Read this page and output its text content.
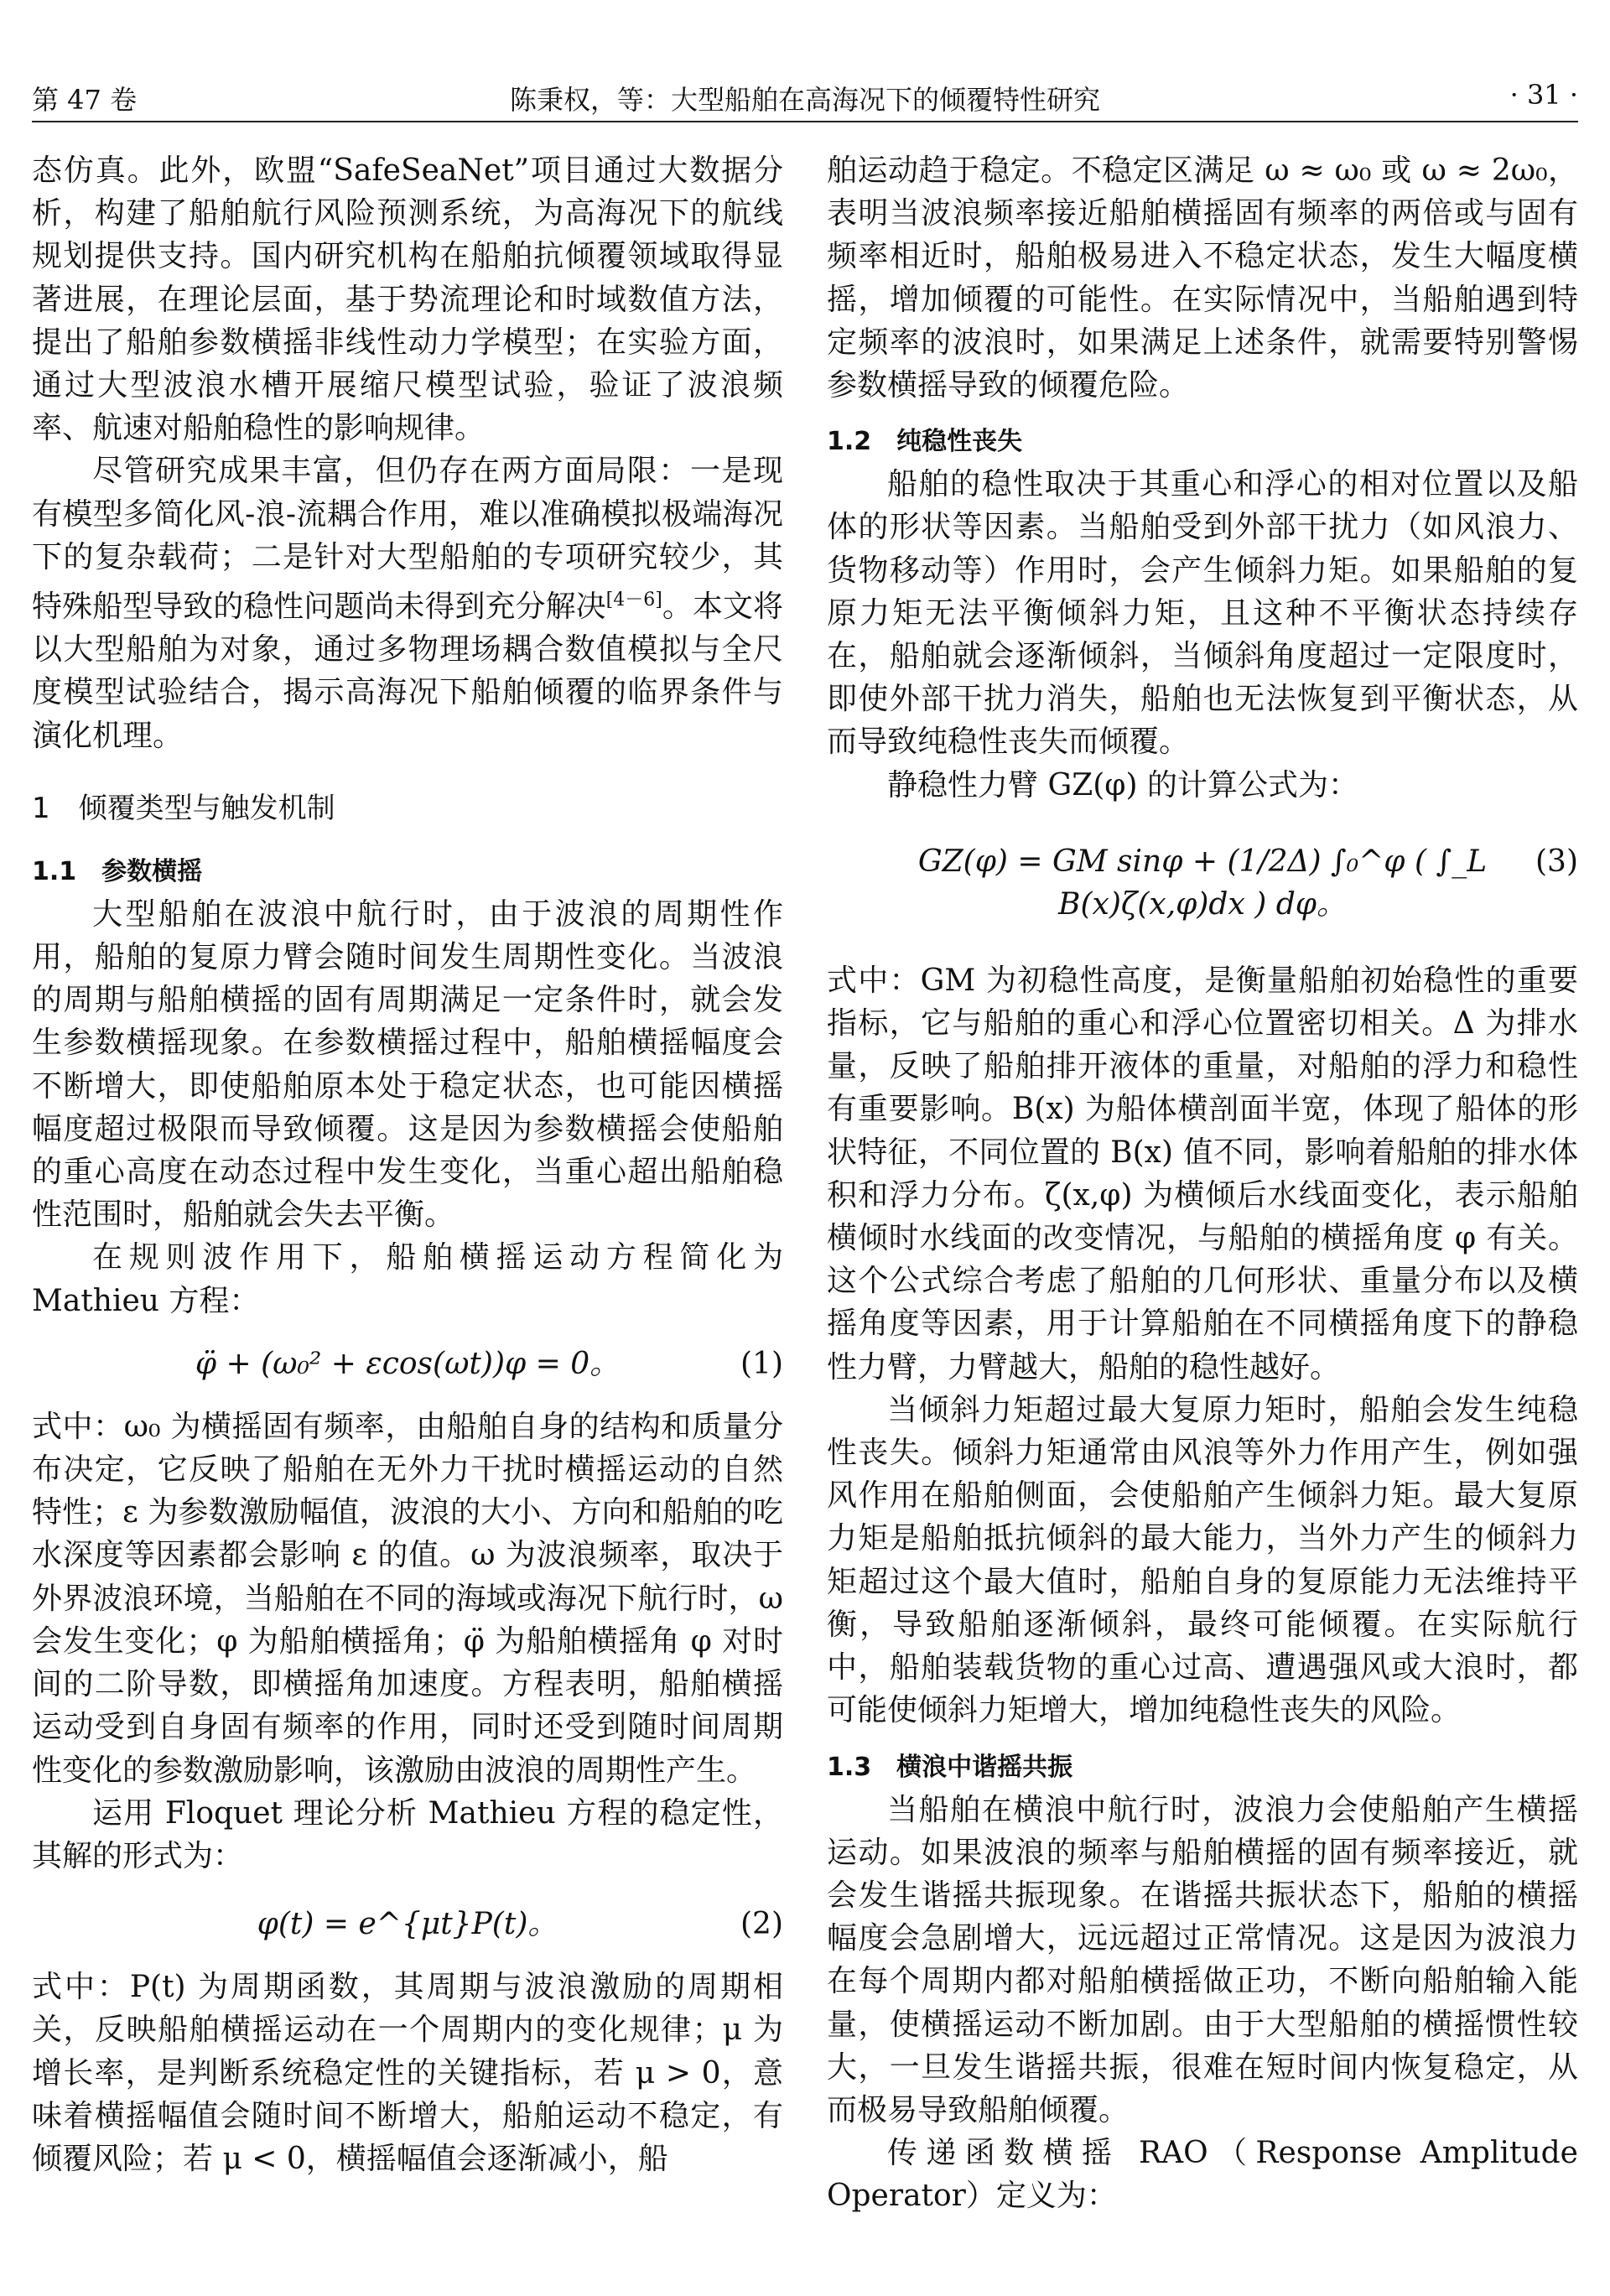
第 47 卷	陈秉权，等：大型船舶在高海况下的倾覆特性研究	· 31 ·

态仿真。此外，欧盟“SafeSeaNet”项目通过大数据分析，构建了船舶航行风险预测系统，为高海况下的航线规划提供支持。国内研究机构在船舶抗倾覆领域取得显著进展，在理论层面，基于势流理论和时域数值方法，提出了船舶参数横摇非线性动力学模型；在实验方面，通过大型波浪水槽开展缩尺模型试验，验证了波浪频率、航速对船舶稳性的影响规律。

尽管研究成果丰富，但仍存在两方面局限：一是现有模型多简化风-浪-流耦合作用，难以准确模拟极端海况下的复杂载荷；二是针对大型船舶的专项研究较少，其特殊船型导致的稳性问题尚未得到充分解决[4－6]。本文将以大型船舶为对象，通过多物理场耦合数值模拟与全尺度模型试验结合，揭示高海况下船舶倾覆的临界条件与演化机理。

1　倾覆类型与触发机制
1.1　参数横摇

大型船舶在波浪中航行时，由于波浪的周期性作用，船舶的复原力臂会随时间发生周期性变化。当波浪的周期与船舶横摇的固有周期满足一定条件时，就会发生参数横摇现象。在参数横摇过程中，船舶横摇幅度会不断增大，即使船舶原本处于稳定状态，也可能因横摇幅度超过极限而导致倾覆。这是因为参数横摇会使船舶的重心高度在动态过程中发生变化，当重心超出船舶稳性范围时，船舶就会失去平衡。

在规则波作用下，船舶横摇运动方程简化为 Mathieu 方程：

φ̈ + (ω₀² + εcos(ωt))φ = 0。	(1)

式中：ω₀ 为横摇固有频率，由船舶自身的结构和质量分布决定，它反映了船舶在无外力干扰时横摇运动的自然特性；ε 为参数激励幅值，波浪的大小、方向和船舶的吃水深度等因素都会影响 ε 的值。ω 为波浪频率，取决于外界波浪环境，当船舶在不同的海域或海况下航行时，ω 会发生变化；φ 为船舶横摇角；φ̈ 为船舶横摇角 φ 对时间的二阶导数，即横摇角加速度。方程表明，船舶横摇运动受到自身固有频率的作用，同时还受到随时间周期性变化的参数激励影响，该激励由波浪的周期性产生。

运用 Floquet 理论分析 Mathieu 方程的稳定性，其解的形式为：

φ(t) = e^{μt}P(t)。	(2)

式中：P(t) 为周期函数，其周期与波浪激励的周期相关，反映船舶横摇运动在一个周期内的变化规律；μ 为增长率，是判断系统稳定性的关键指标，若 μ > 0，意味着横摇幅值会随时间不断增大，船舶运动不稳定，有倾覆风险；若 μ < 0，横摇幅值会逐渐减小，船

舶运动趋于稳定。不稳定区满足 ω ≈ ω₀ 或 ω ≈ 2ω₀，表明当波浪频率接近船舶横摇固有频率的两倍或与固有频率相近时，船舶极易进入不稳定状态，发生大幅度横摇，增加倾覆的可能性。在实际情况中，当船舶遇到特定频率的波浪时，如果满足上述条件，就需要特别警惕参数横摇导致的倾覆危险。

1.2　纯稳性丧失

船舶的稳性取决于其重心和浮心的相对位置以及船体的形状等因素。当船舶受到外部干扰力（如风浪力、货物移动等）作用时，会产生倾斜力矩。如果船舶的复原力矩无法平衡倾斜力矩，且这种不平衡状态持续存在，船舶就会逐渐倾斜，当倾斜角度超过一定限度时，即使外部干扰力消失，船舶也无法恢复到平衡状态，从而导致纯稳性丧失而倾覆。

静稳性力臂 GZ(φ) 的计算公式为：

GZ(φ) = GM sinφ + (1/2Δ) ∫₀^φ ( ∫_L B(x)ζ(x,φ)dx ) dφ。
(3)

式中：GM 为初稳性高度，是衡量船舶初始稳性的重要指标，它与船舶的重心和浮心位置密切相关。Δ 为排水量，反映了船舶排开液体的重量，对船舶的浮力和稳性有重要影响。B(x) 为船体横剖面半宽，体现了船体的形状特征，不同位置的 B(x) 值不同，影响着船舶的排水体积和浮力分布。ζ(x,φ) 为横倾后水线面变化，表示船舶横倾时水线面的改变情况，与船舶的横摇角度 φ 有关。这个公式综合考虑了船舶的几何形状、重量分布以及横摇角度等因素，用于计算船舶在不同横摇角度下的静稳性力臂，力臂越大，船舶的稳性越好。

当倾斜力矩超过最大复原力矩时，船舶会发生纯稳性丧失。倾斜力矩通常由风浪等外力作用产生，例如强风作用在船舶侧面，会使船舶产生倾斜力矩。最大复原力矩是船舶抵抗倾斜的最大能力，当外力产生的倾斜力矩超过这个最大值时，船舶自身的复原能力无法维持平衡，导致船舶逐渐倾斜，最终可能倾覆。在实际航行中，船舶装载货物的重心过高、遭遇强风或大浪时，都可能使倾斜力矩增大，增加纯稳性丧失的风险。

1.3　横浪中谐摇共振

当船舶在横浪中航行时，波浪力会使船舶产生横摇运动。如果波浪的频率与船舶横摇的固有频率接近，就会发生谐摇共振现象。在谐摇共振状态下，船舶的横摇幅度会急剧增大，远远超过正常情况。这是因为波浪力在每个周期内都对船舶横摇做正功，不断向船舶输入能量，使横摇运动不断加剧。由于大型船舶的横摇惯性较大，一旦发生谐摇共振，很难在短时间内恢复稳定，从而极易导致船舶倾覆。

传递函数横摇 RAO（Response Amplitude Operator）定义为：
